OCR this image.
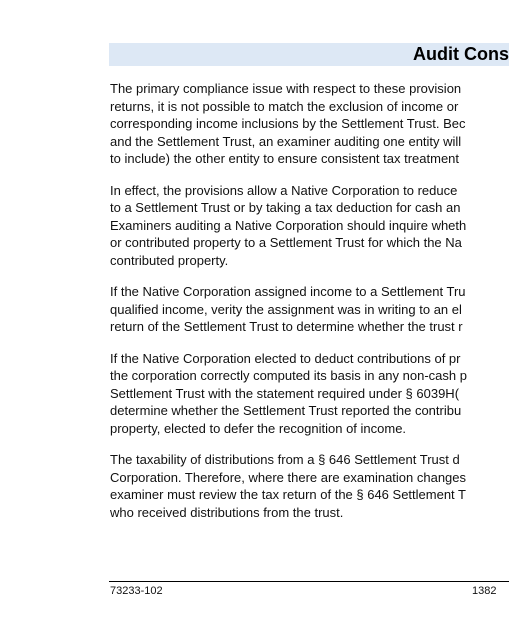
Audit Cons

The primary compliance issue with respect to these provision
returns, it is not possible to match the exclusion of income or
corresponding income inclusions by the Settlement Trust. Bec
and the Settlement Trust, an examiner auditing one entity will
to include) the other entity to ensure consistent tax treatment

In effect, the provisions allow a Native Corporation to reduce
to a Settlement Trust or by taking a tax deduction for cash an
Examiners auditing a Native Corporation should inquire wheth
or contributed property to a Settlement Trust for which the Na
contributed property.

If the Native Corporation assigned income to a Settlement Tru
qualified income, verity the assignment was in writing to an el
return of the Settlement Trust to determine whether the trust r

If the Native Corporation elected to deduct contributions of pr
the corporation correctly computed its basis in any non-cash p
Settlement Trust with the statement required under § 6039H(
determine whether the Settlement Trust reported the contribu
property, elected to defer the recognition of income.

The taxability of distributions from a § 646 Settlement Trust d
Corporation. Therefore, where there are examination changes
examiner must review the tax return of the § 646 Settlement T
who received distributions from the trust.

73233-102	1382
